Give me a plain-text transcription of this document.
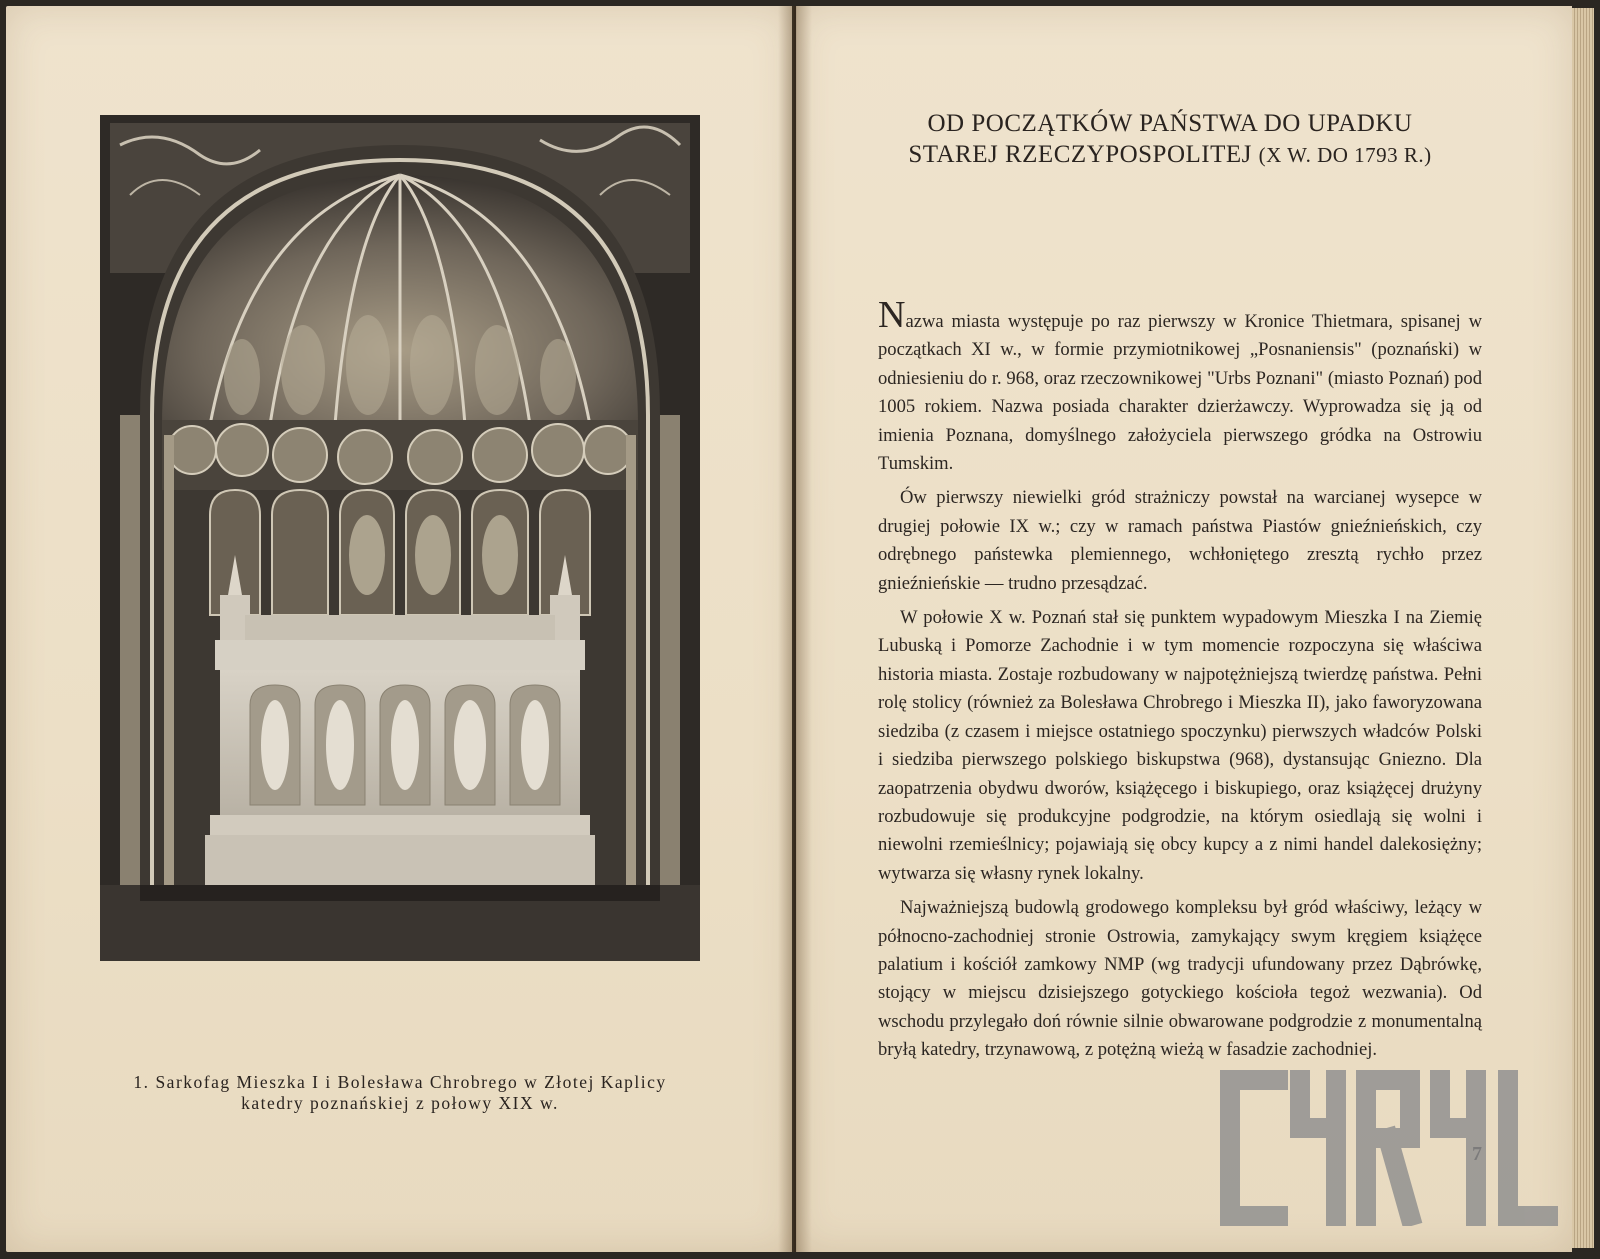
1. Sarkofag Mieszka I i Bolesława Chrobrego w Złotej Kaplicy
katedry poznańskiej z połowy XIX w.
OD POCZĄTKÓW PAŃSTWA DO UPADKU
STAREJ RZECZYPOSPOLITEJ (X W. DO 1793 R.)

Nazwa miasta występuje po raz pierwszy w Kronice Thietmara, spisanej w początkach XI w., w formie przymiotnikowej „Posnaniensis" (poznański) w odniesieniu do r. 968, oraz rzeczownikowej "Urbs Poznani" (miasto Poznań) pod 1005 rokiem. Nazwa posiada charakter dzierżawczy. Wyprowadza się ją od imienia Poznana, domyślnego założyciela pierwszego gródka na Ostrowiu Tumskim.

Ów pierwszy niewielki gród strażniczy powstał na warcianej wysepce w drugiej połowie IX w.; czy w ramach państwa Piastów gnieźnieńskich, czy odrębnego państewka plemiennego, wchłoniętego zresztą rychło przez gnieźnieńskie — trudno przesądzać.

W połowie X w. Poznań stał się punktem wypadowym Mieszka I na Ziemię Lubuską i Pomorze Zachodnie i w tym momencie rozpoczyna się właściwa historia miasta. Zostaje rozbudowany w najpotężniejszą twierdzę państwa. Pełni rolę stolicy (również za Bolesława Chrobrego i Mieszka II), jako faworyzowana siedziba (z czasem i miejsce ostatniego spoczynku) pierwszych władców Polski i siedziba pierwszego polskiego biskupstwa (968), dystansując Gniezno. Dla zaopatrzenia obydwu dworów, książęcego i biskupiego, oraz książęcej drużyny rozbudowuje się produkcyjne podgrodzie, na którym osiedlają się wolni i niewolni rzemieślnicy; pojawiają się obcy kupcy a z nimi handel dalekosiężny; wytwarza się własny rynek lokalny.

Najważniejszą budowlą grodowego kompleksu był gród właściwy, leżący w północno-zachodniej stronie Ostrowia, zamykający swym kręgiem książęce palatium i kościół zamkowy NMP (wg tradycji ufundowany przez Dąbrówkę, stojący w miejscu dzisiejszego gotyckiego kościoła tegoż wezwania). Od wschodu przylegało doń równie silnie obwarowane podgrodzie z monumentalną bryłą katedry, trzynawową, z potężną wieżą w fasadzie zachodniej.

7
